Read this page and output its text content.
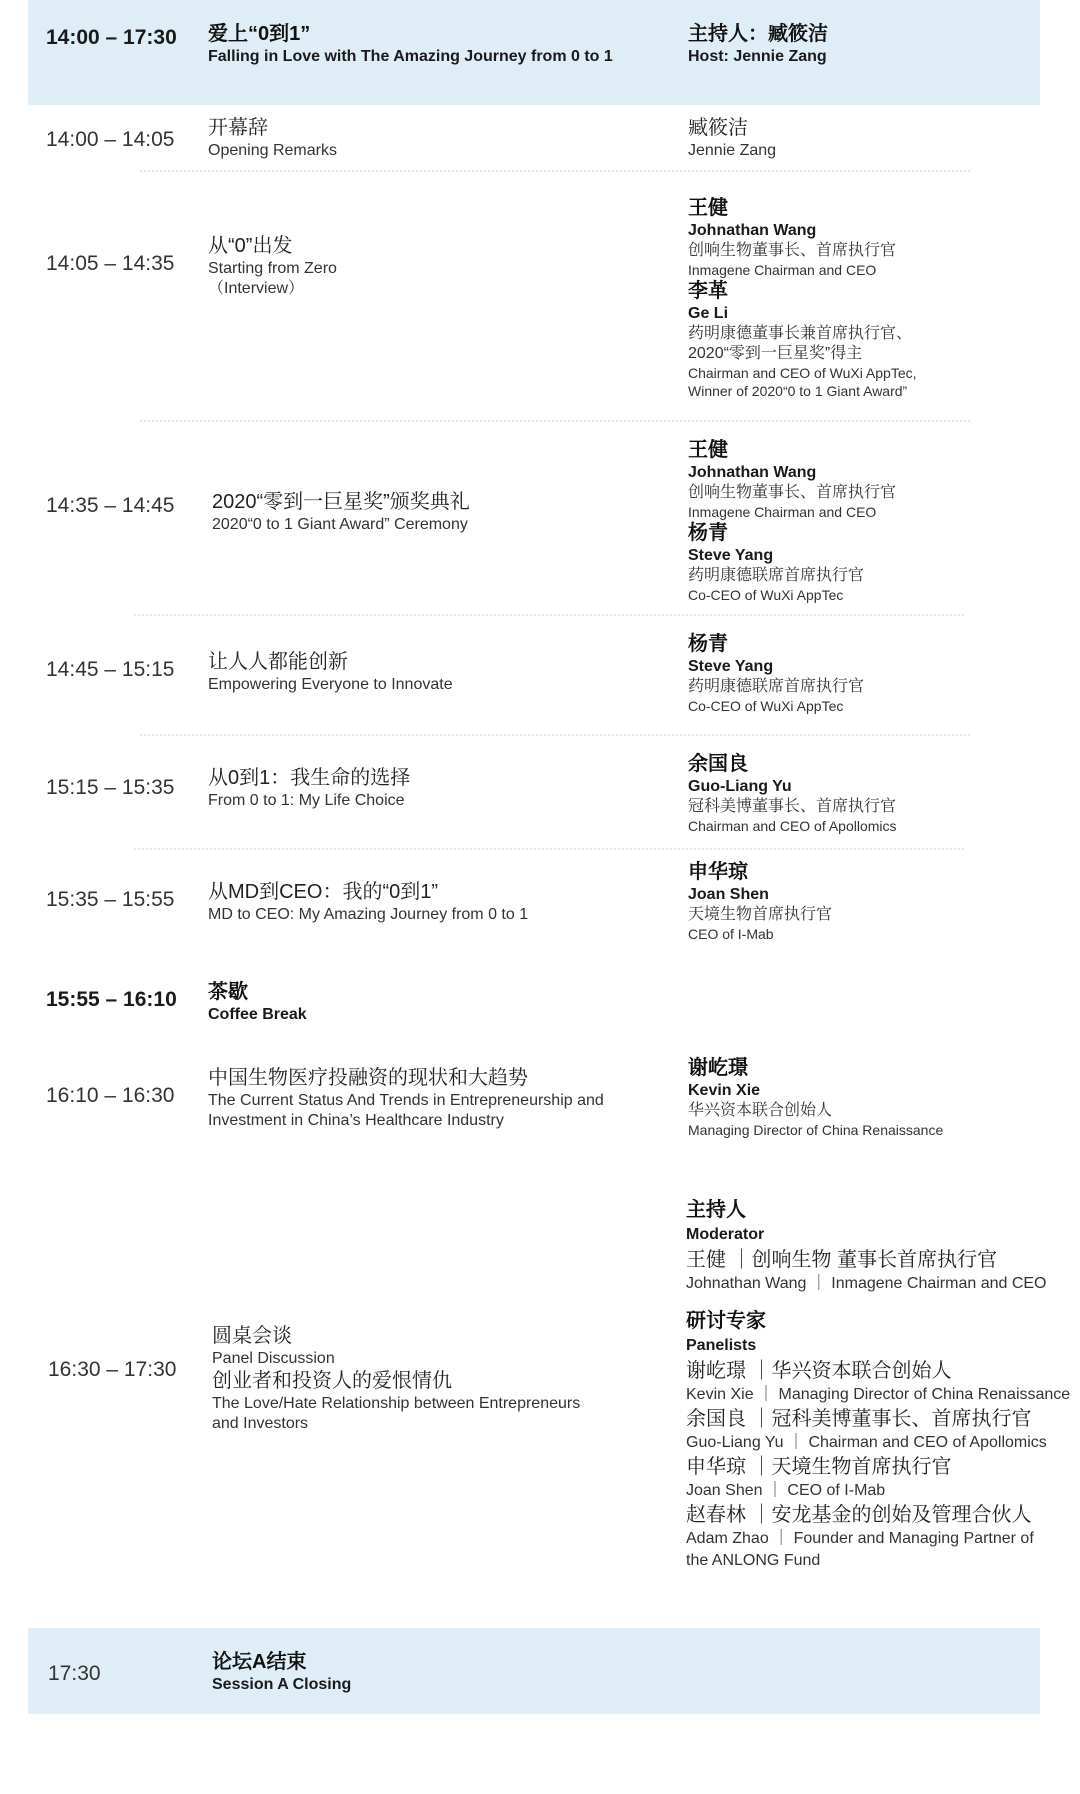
14:00 – 17:30 爱上“0到1”
Falling in Love with The Amazing Journey from 0 to 1
主持人：臧筱洁
Host: Jennie Zang
14:00 – 14:05 开幕辞
Opening Remarks
臧筱洁
Jennie Zang
14:05 – 14:35
从“0”出发
Starting from Zero
（Interview）
王健
Johnathan Wang
创响生物董事长、首席执行官
Inmagene Chairman and CEO
李革
Ge Li
药明康德董事长兼首席执行官、
2020“零到一巨星奖”得主
Chairman and CEO of WuXi AppTec,
Winner of 2020“0 to 1 Giant Award”
14:35 – 14:45 2020“零到一巨星奖”颁奖典礼
2020“0 to 1 Giant Award” Ceremony
王健
Johnathan Wang
创响生物董事长、首席执行官
Inmagene Chairman and CEO
杨青
Steve Yang
药明康德联席首席执行官
Co-CEO of WuXi AppTec
14:45 – 15:15 让人人都能创新
Empowering Everyone to Innovate
杨青
Steve Yang
药明康德联席首席执行官
Co-CEO of WuXi AppTec
15:15 – 15:35 从0到1：我生命的选择
From 0 to 1: My Life Choice
余国良
Guo-Liang Yu
冠科美博董事长、首席执行官
Chairman and CEO of Apollomics
15:35 – 15:55 从MD到CEO：我的“0到1”
MD to CEO: My Amazing Journey from 0 to 1
申华琼
Joan Shen
天境生物首席执行官
CEO of I-Mab
15:55 – 16:10 茶歇
Coffee Break
16:10 – 16:30
中国生物医疗投融资的现状和大趋势
The Current Status And Trends in Entrepreneurship and
Investment in China’s Healthcare Industry
谢屹璟
Kevin Xie
华兴资本联合创始人
Managing Director of China Renaissance
16:30 – 17:30
圆桌会谈
Panel Discussion
创业者和投资人的爱恨情仇
The Love/Hate Relationship between Entrepreneurs
and Investors
主持人
Moderator
王健 ｜创响生物 董事长首席执行官
Johnathan Wang ｜ Inmagene Chairman and CEO
研讨专家
Panelists
谢屹璟 ｜华兴资本联合创始人
Kevin Xie ｜ Managing Director of China Renaissance
余国良 ｜冠科美博董事长、首席执行官
Guo-Liang Yu ｜ Chairman and CEO of Apollomics
申华琼 ｜天境生物首席执行官
Joan Shen ｜ CEO of I-Mab
赵春林 ｜安龙基金的创始及管理合伙人
Adam Zhao ｜ Founder and Managing Partner of
the ANLONG Fund
17:30	论坛A结束
Session A Closing
